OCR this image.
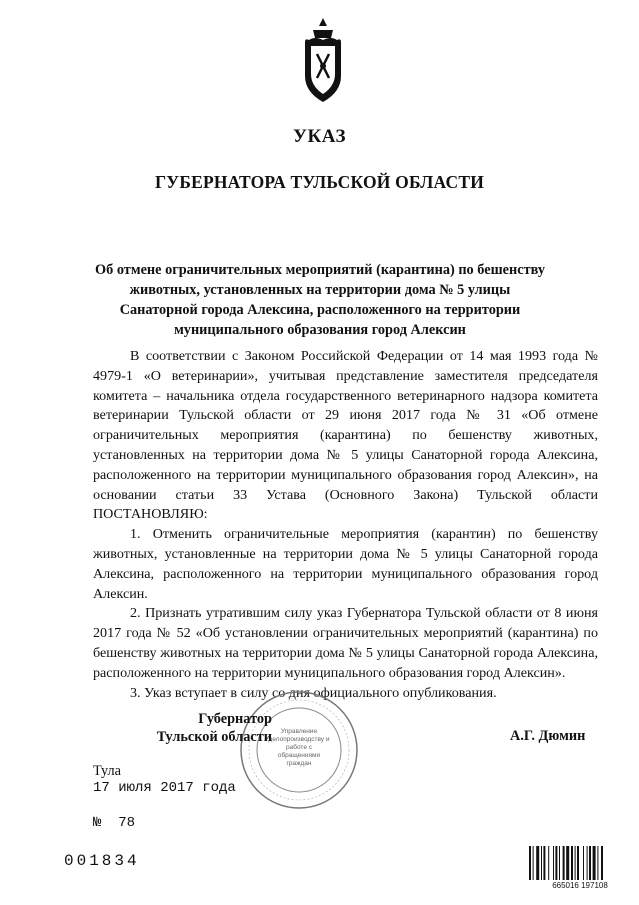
УКАЗ
ГУБЕРНАТОРА ТУЛЬСКОЙ ОБЛАСТИ
Об отмене ограничительных мероприятий (карантина) по бешенству животных, установленных на территории дома № 5 улицы Санаторной города Алексина, расположенного на территории муниципального образования город Алексин

В соответствии с Законом Российской Федерации от 14 мая 1993 года № 4979-1 «О ветеринарии», учитывая представление заместителя председателя комитета – начальника отдела государственного ветеринарного надзора комитета ветеринарии Тульской области от 29 июня 2017 года № 31 «Об отмене ограничительных мероприятия (карантина) по бешенству животных, установленных на территории дома № 5 улицы Санаторной города Алексина, расположенного на территории муниципального образования город Алексин», на основании статьи 33 Устава (Основного Закона) Тульской области ПОСТАНОВЛЯЮ:

1. Отменить ограничительные мероприятия (карантин) по бешенству животных, установленные на территории дома № 5 улицы Санаторной города Алексина, расположенного на территории муниципального образования город Алексин.

2. Признать утратившим силу указ Губернатора Тульской области от 8 июня 2017 года № 52 «Об установлении ограничительных мероприятий (карантина) по бешенству животных на территории дома № 5 улицы Санаторной города Алексина, расположенного на территории муниципального образования город Алексин».

3. Указ вступает в силу со дня официального опубликования.

Управление делопроизводству и работе с обращениями граждан
Губернатор
Тульской области	А.Г. Дюмин
Тула
17 июля 2017 года
№ 78
001834
665016 197108
